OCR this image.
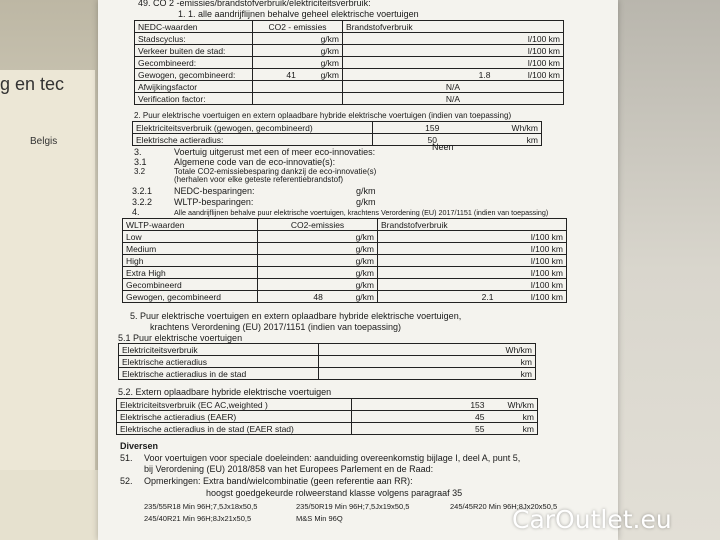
g en tec
Belgis
49. CO 2 -emissies/brandstofverbruik/elektriciteitsverbruik:
1. 1. alle aandrijflijnen behalve geheel elektrische voertuigen
NEDC-waarden	CO2 - emissies	Brandstofverbruik	
Stadscyclus:	g/km		l/100 km
Verkeer buiten de stad:	g/km		l/100 km
Gecombineerd:	g/km		l/100 km
Gewogen, gecombineerd:	41 g/km	1.8	l/100 km
Afwijkingsfactor		N/A	
Verification factor:		N/A	
2. Puur elektrische voertuigen en extern oplaadbare hybride elektrische voertuigen (indien van toepassing)
Elektriciteitsverbruik (gewogen, gecombineerd)	159	Wh/km
Elektrische actieradius:	50	km
3.	Voertuig uitgerust met een of meer eco-innovaties:	Neen
3.1	Algemene code van de eco-innovatie(s):
3.2	Totale CO2-emissiebesparing dankzij de eco-innovatie(s)
(herhalen voor elke geteste referentiebrandstof)
3.2.1 NEDC-besparingen:	g/km
3.2.2 WLTP-besparingen:	g/km
4.	Alle aandrijflijnen behalve puur elektrische voertuigen, krachtens Verordening (EU) 2017/1151 (indien van toepassing)
WLTP-waarden	CO2-emissies	Brandstofverbruik	
Low	g/km		l/100 km
Medium	g/km		l/100 km
High	g/km		l/100 km
Extra High	g/km		l/100 km
Gecombineerd	g/km		l/100 km
Gewogen, gecombineerd	48 g/km	2.1	l/100 km
5. Puur elektrische voertuigen en extern oplaadbare hybride elektrische voertuigen,
krachtens Verordening (EU) 2017/1151 (indien van toepassing)
5.1 Puur elektrische voertuigen
Elektriciteitsverbruik		Wh/km
Elektrische actieradius		km
Elektrische actieradius in de stad		km
5.2. Extern oplaadbare hybride elektrische voertuigen
Elektriciteitsverbruik (EC AC,weighted )	153	Wh/km
Elektrische actieradius (EAER)	45	km
Elektrische actieradius in de stad (EAER stad)	55	km
Diversen
51. Voor voertuigen voor speciale doeleinden: aanduiding overeenkomstig bijlage I, deel A, punt 5,
bij Verordening (EU) 2018/858 van het Europees Parlement en de Raad:
52. Opmerkingen: Extra band/wielcombinatie (geen referentie aan RR):
hoogst goedgekeurde rolweerstand klasse volgens paragraaf 35
235/55R18 Min 96H;7,5Jx18x50,5	235/50R19 Min 96H;7,5Jx19x50,5	245/45R20 Min 96H;8Jx20x50,5
245/40R21 Min 96H;8Jx21x50,5	M&S Min 96Q	CarOutlet.eu
